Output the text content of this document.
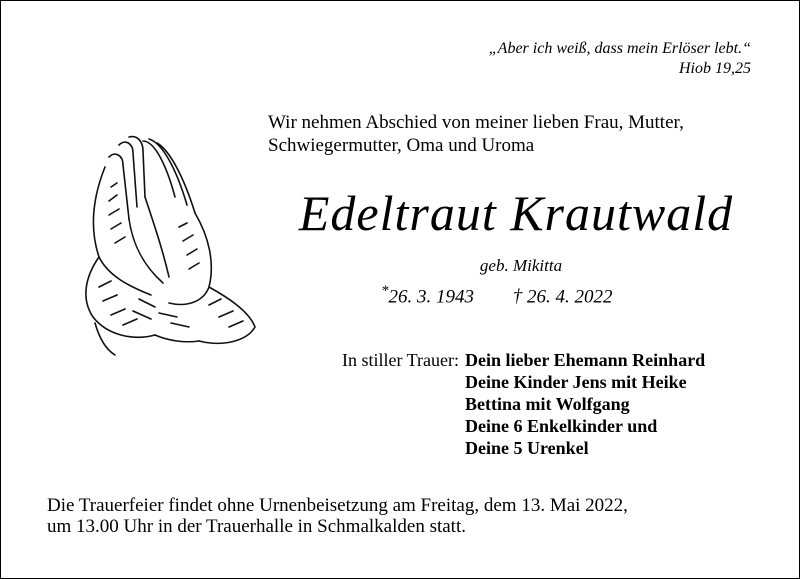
„Aber ich weiß, dass mein Erlöser lebt.“
Hiob 19,25
Wir nehmen Abschied von meiner lieben Frau, Mutter,
Schwiegermutter, Oma und Uroma
Edeltraut Krautwald
geb. Mikitta
*26. 3. 1943 † 26. 4. 2022
In stiller Trauer: Dein lieber Ehemann Reinhard
Deine Kinder Jens mit Heike
Bettina mit Wolfgang
Deine 6 Enkelkinder und
Deine 5 Urenkel
Die Trauerfeier findet ohne Urnenbeisetzung am Freitag, dem 13. Mai 2022,
um 13.00 Uhr in der Trauerhalle in Schmalkalden statt.
